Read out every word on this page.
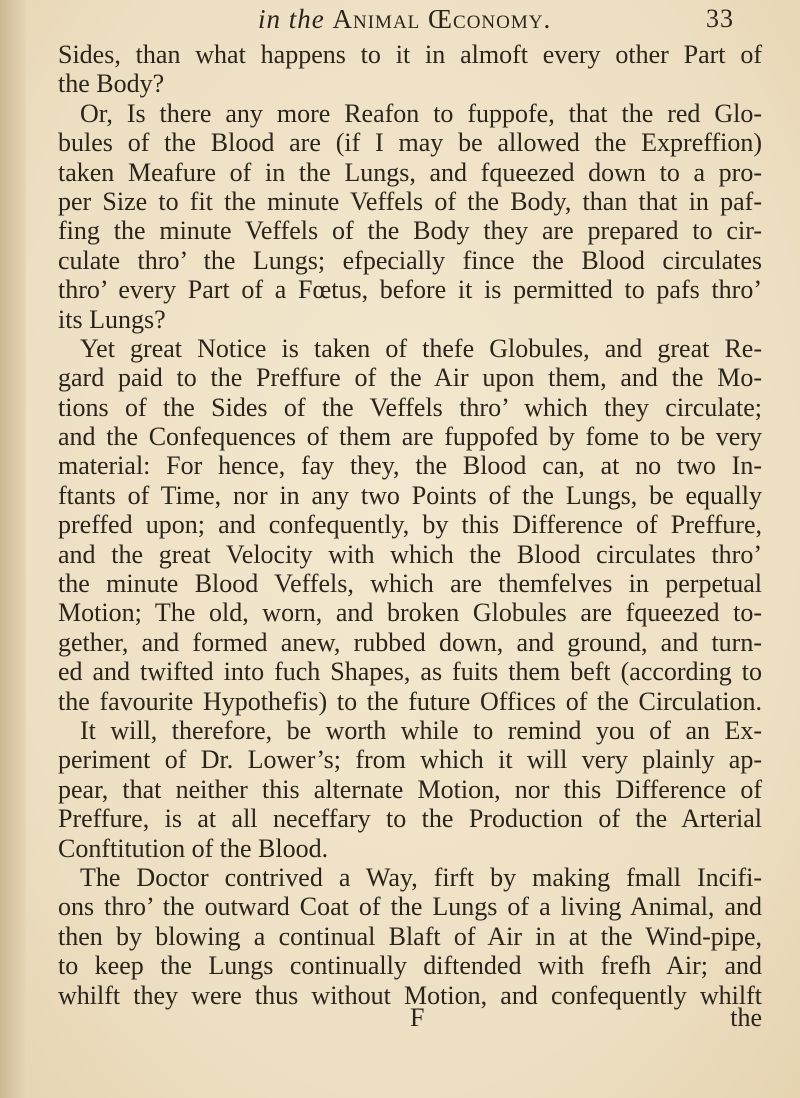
in the Animal Œconomy.	33
Sides, than what happens to it in almoft every other Part of
the Body?
Or, Is there any more Reafon to fuppofe, that the red Glo-
bules of the Blood are (if I may be allowed the Expreffion)
taken Meafure of in the Lungs, and fqueezed down to a pro-
per Size to fit the minute Veffels of the Body, than that in paf-
fing the minute Veffels of the Body they are prepared to cir-
culate thro’ the Lungs; efpecially fince the Blood circulates
thro’ every Part of a Fœtus, before it is permitted to pafs thro’
its Lungs?
Yet great Notice is taken of thefe Globules, and great Re-
gard paid to the Preffure of the Air upon them, and the Mo-
tions of the Sides of the Veffels thro’ which they circulate;
and the Confequences of them are fuppofed by fome to be very
material: For hence, fay they, the Blood can, at no two In-
ftants of Time, nor in any two Points of the Lungs, be equally
preffed upon; and confequently, by this Difference of Preffure,
and the great Velocity with which the Blood circulates thro’
the minute Blood Veffels, which are themfelves in perpetual
Motion; The old, worn, and broken Globules are fqueezed to-
gether, and formed anew, rubbed down, and ground, and turn-
ed and twifted into fuch Shapes, as fuits them beft (according to
the favourite Hypothefis) to the future Offices of the Circulation.
It will, therefore, be worth while to remind you of an Ex-
periment of Dr. Lower’s; from which it will very plainly ap-
pear, that neither this alternate Motion, nor this Difference of
Preffure, is at all neceffary to the Production of the Arterial
Conftitution of the Blood.
The Doctor contrived a Way, firft by making fmall Incifi-
ons thro’ the outward Coat of the Lungs of a living Animal, and
then by blowing a continual Blaft of Air in at the Wind-pipe,
to keep the Lungs continually diftended with frefh Air; and
whilft they were thus without Motion, and confequently whilft
F	the
